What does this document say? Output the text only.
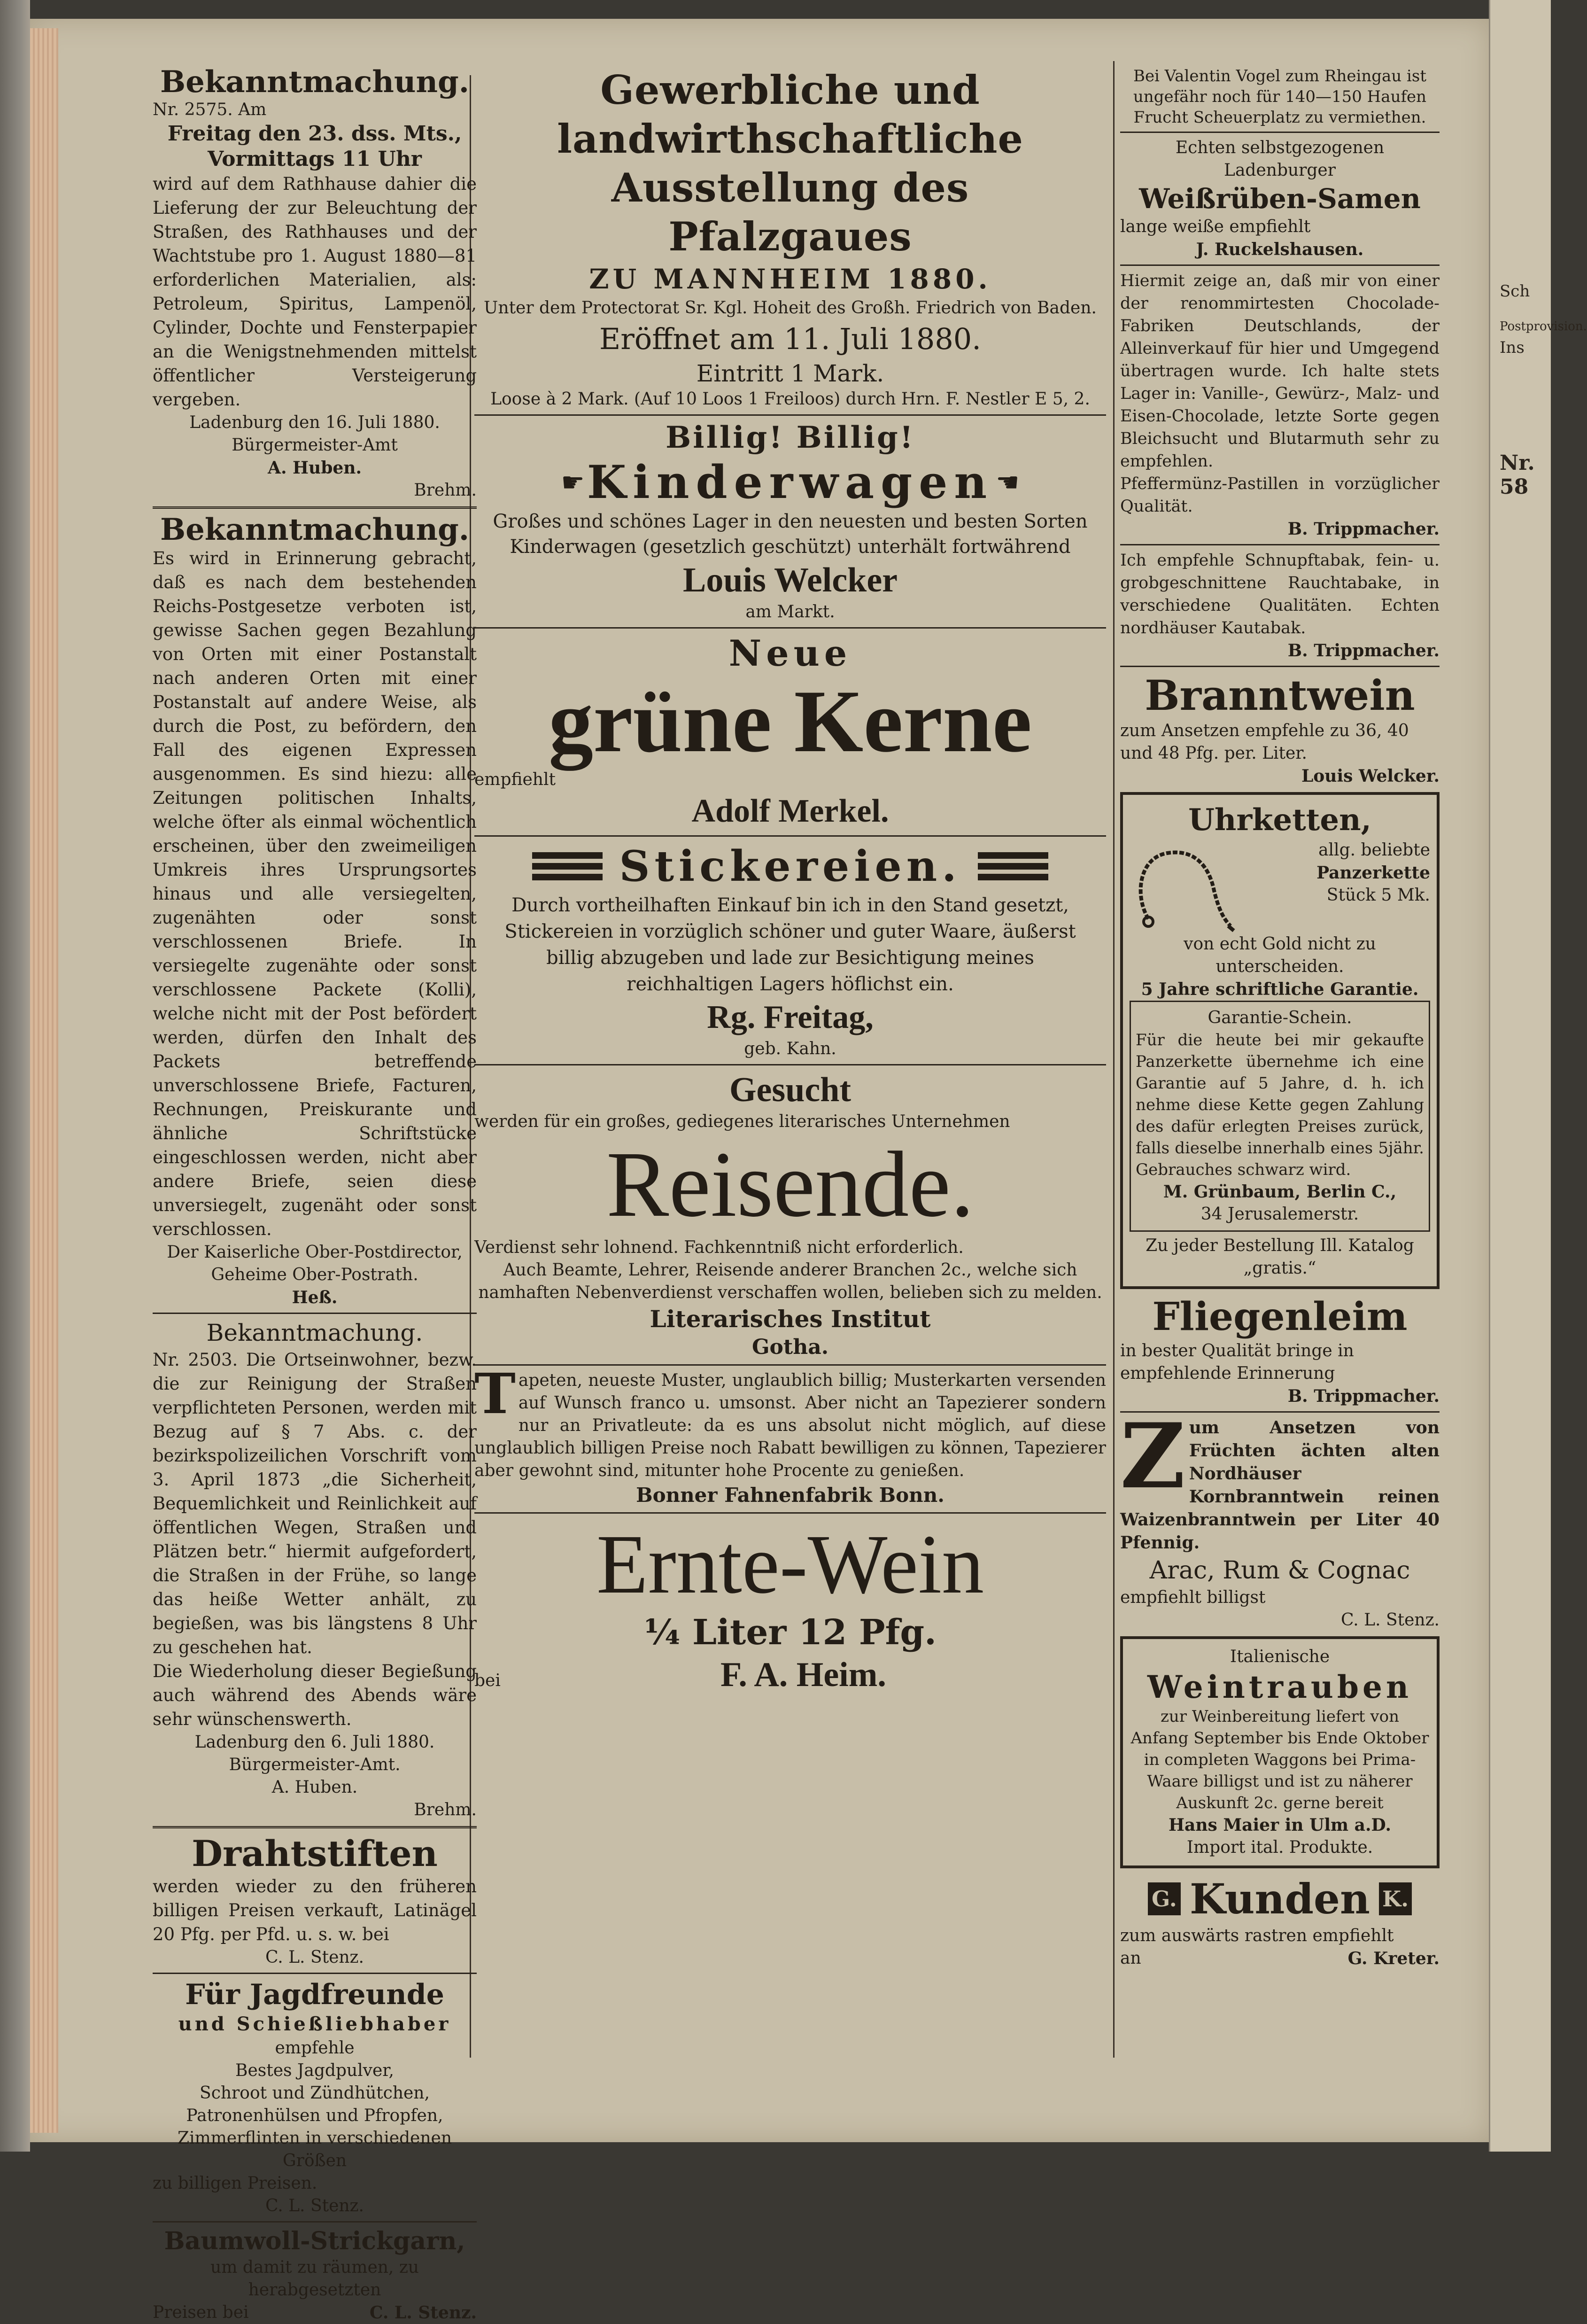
Bekanntmachung.
Nr. 2575. Am
Freitag den 23. dss. Mts.,
Vormittags 11 Uhr
wird auf dem Rathhause dahier die Lieferung der zur Beleuchtung der Straßen, des Rathhauses und der Wachtstube pro 1. August 1880—81 erforderlichen Materialien, als: Petroleum, Spiritus, Lampenöl, Cylinder, Dochte und Fensterpapier an die Wenigstnehmenden mittelst öffentlicher Versteigerung vergeben.
Ladenburg den 16. Juli 1880.
Bürgermeister-Amt
A. Huben.
Brehm.
Bekanntmachung.
Es wird in Erinnerung gebracht, daß es nach dem bestehenden Reichs-Postgesetze verboten ist, gewisse Sachen gegen Bezahlung von Orten mit einer Postanstalt nach anderen Orten mit einer Postanstalt auf andere Weise, als durch die Post, zu befördern, den Fall des eigenen Expressen ausgenommen. Es sind hiezu: alle Zeitungen politischen Inhalts, welche öfter als einmal wöchentlich erscheinen, über den zweimeiligen Umkreis ihres Ursprungsortes hinaus und alle versiegelten, zugenähten oder sonst verschlossenen Briefe. In versiegelte zugenähte oder sonst verschlossene Packete (Kolli), welche nicht mit der Post befördert werden, dürfen den Inhalt des Packets betreffende unverschlossene Briefe, Facturen, Rechnungen, Preiskurante und ähnliche Schriftstücke eingeschlossen werden, nicht aber andere Briefe, seien diese unversiegelt, zugenäht oder sonst verschlossen.
Der Kaiserliche Ober-Postdirector,
Geheime Ober-Postrath.
Heß.
Bekanntmachung.
Nr. 2503. Die Ortseinwohner, bezw. die zur Reinigung der Straßen verpflichteten Personen, werden mit Bezug auf § 7 Abs. c. der bezirkspolizeilichen Vorschrift vom 3. April 1873 „die Sicherheit, Bequemlichkeit und Reinlichkeit auf öffentlichen Wegen, Straßen und Plätzen betr.“ hiermit aufgefordert, die Straßen in der Frühe, so lange das heiße Wetter anhält, zu begießen, was bis längstens 8 Uhr zu geschehen hat.
Die Wiederholung dieser Begießung auch während des Abends wäre sehr wünschenswerth.
Ladenburg den 6. Juli 1880.
Bürgermeister-Amt.
A. Huben.
Brehm.
Drahtstiften
werden wieder zu den früheren billigen Preisen verkauft, Latinägel 20 Pfg. per Pfd. u. s. w. bei
C. L. Stenz.
Für Jagdfreunde
und Schießliebhaber
empfehle
Bestes Jagdpulver,
Schroot und Zündhütchen,
Patronenhülsen und Pfropfen,
Zimmerflinten in verschiedenen Größen
zu billigen Preisen.
C. L. Stenz.
Baumwoll-Strickgarn,
um damit zu räumen, zu herabgesetzten
Preisen bei	C. L. Stenz.
Gewerbliche und landwirthschaftliche Ausstellung des Pfalzgaues
ZU MANNHEIM 1880.
Unter dem Protectorat Sr. Kgl. Hoheit des Großh. Friedrich von Baden.
Eröffnet am 11. Juli 1880.
Eintritt 1 Mark.
Loose à 2 Mark. (Auf 10 Loos 1 Freiloos) durch Hrn. F. Nestler E 5, 2.
Billig! Billig!
☛ Kinderwagen ☚
Großes und schönes Lager in den neuesten und besten Sorten Kinderwagen (gesetzlich geschützt) unterhält fortwährend
Louis Welcker
am Markt.
Neue
grüne Kerne
empfiehlt
Adolf Merkel.
Stickereien.
Durch vortheilhaften Einkauf bin ich in den Stand gesetzt, Stickereien in vorzüglich schöner und guter Waare, äußerst billig abzugeben und lade zur Besichtigung meines reichhaltigen Lagers höflichst ein.
Rg. Freitag,
geb. Kahn.
Gesucht
werden für ein großes, gediegenes literarisches Unternehmen
Reisende.
Verdienst sehr lohnend. Fachkenntniß nicht erforderlich.
Auch Beamte, Lehrer, Reisende anderer Branchen 2c., welche sich namhaften Nebenverdienst verschaffen wollen, belieben sich zu melden.
Literarisches Institut
Gotha.
T apeten, neueste Muster, unglaublich billig; Musterkarten versenden auf Wunsch franco u. umsonst. Aber nicht an Tapezierer sondern nur an Privatleute: da es uns absolut nicht möglich, auf diese unglaublich billigen Preise noch Rabatt bewilligen zu können, Tapezierer aber gewohnt sind, mitunter hohe Procente zu genießen.
Bonner Fahnenfabrik Bonn.
Ernte-Wein
¼ Liter 12 Pfg.
bei	F. A. Heim.
Bei Valentin Vogel zum Rheingau ist ungefähr noch für 140—150 Haufen Frucht Scheuerplatz zu vermiethen.
Echten selbstgezogenen Ladenburger
Weißrüben-Samen
lange weiße empfiehlt
J. Ruckelshausen.
Hiermit zeige an, daß mir von einer der renommirtesten Chocolade-Fabriken Deutschlands, der Alleinverkauf für hier und Umgegend übertragen wurde. Ich halte stets Lager in: Vanille-, Gewürz-, Malz- und Eisen-Chocolade, letzte Sorte gegen Bleichsucht und Blutarmuth sehr zu empfehlen.
Pfeffermünz-Pastillen in vorzüglicher Qualität.
B. Trippmacher.
Ich empfehle Schnupftabak, fein- u. grobgeschnittene Rauchtabake, in verschiedene Qualitäten. Echten nordhäuser Kautabak.
B. Trippmacher.
Branntwein
zum Ansetzen empfehle zu 36, 40 und 48 Pfg. per. Liter.
Louis Welcker.
Uhrketten,
allg. beliebte
Panzerkette
Stück 5 Mk.
von echt Gold nicht zu unterscheiden.
5 Jahre schriftliche Garantie.
Garantie-Schein.
Für die heute bei mir gekaufte Panzerkette übernehme ich eine Garantie auf 5 Jahre, d. h. ich nehme diese Kette gegen Zahlung des dafür erlegten Preises zurück, falls dieselbe innerhalb eines 5jähr. Gebrauches schwarz wird.
M. Grünbaum, Berlin C.,
34 Jerusalemerstr.
Zu jeder Bestellung Ill. Katalog „gratis.“
Fliegenleim
in bester Qualität bringe in empfehlende Erinnerung
B. Trippmacher.
Z um Ansetzen von Früchten ächten alten Nordhäuser Kornbranntwein reinen Waizenbranntwein per Liter 40 Pfennig.
Arac, Rum & Cognac
empfiehlt billigst
C. L. Stenz.
Italienische
Weintrauben
zur Weinbereitung liefert von Anfang September bis Ende Oktober in completen Waggons bei Prima-Waare billigst und ist zu näherer Auskunft 2c. gerne bereit
Hans Maier in Ulm a.D.
Import ital. Produkte.
G. Kunden K.
zum auswärts rastren empfiehlt
an	G. Kreter.
Sch
Postprovision.
Ins
Nr. 58
